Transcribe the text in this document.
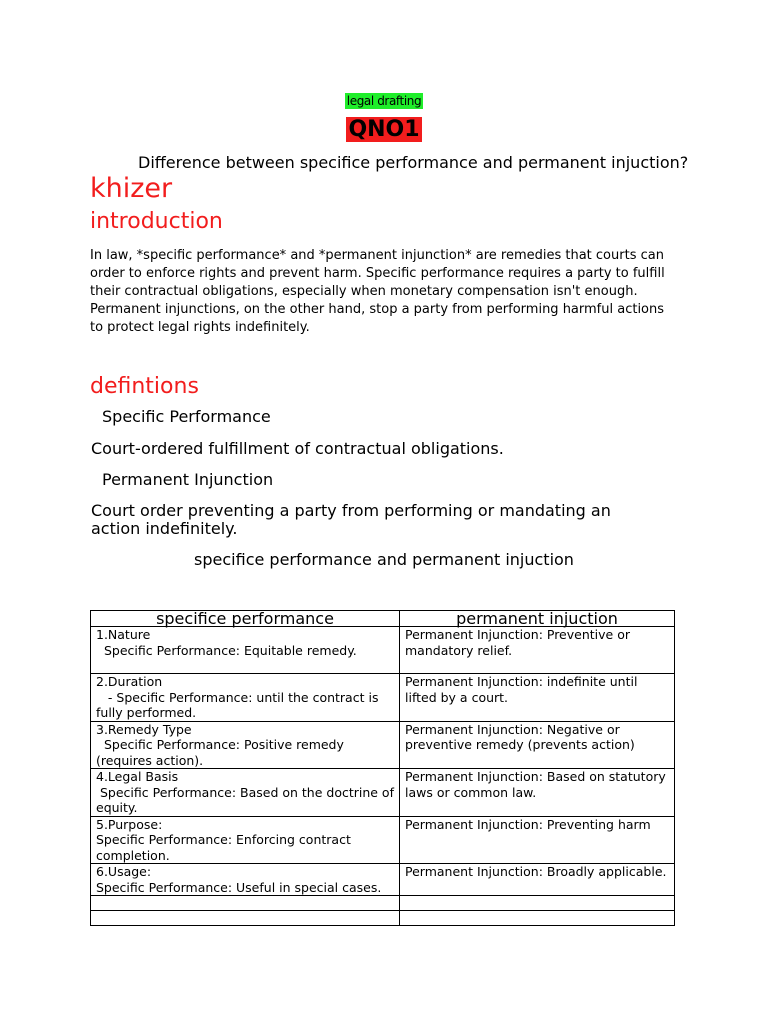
legal drafting
QNO1
Difference between specifice performance and permanent injuction?
khizer
introduction
In law, *specific performance* and *permanent injunction* are remedies that courts can order to enforce rights and prevent harm. Specific performance requires a party to fulfill their contractual obligations, especially when monetary compensation isn't enough. Permanent injunctions, on the other hand, stop a party from performing harmful actions to protect legal rights indefinitely.
defintions
Specific Performance
Court-ordered fulfillment of contractual obligations.
Permanent Injunction
Court order preventing a party from performing or mandating an action indefinitely.
specifice performance and permanent injuction
specifice performance	permanent injuction

1.Nature
Specific Performance: Equitable remedy.	Permanent Injunction: Preventive or mandatory relief.

2.Duration
- Specific Performance: until the contract is fully performed.	Permanent Injunction: indefinite until lifted by a court.

3.Remedy Type
Specific Performance: Positive remedy (requires action).	Permanent Injunction: Negative or preventive remedy (prevents action)

4.Legal Basis
Specific Performance: Based on the doctrine of equity.	Permanent Injunction: Based on statutory laws or common law.

5.Purpose:
Specific Performance: Enforcing contract completion.	Permanent Injunction: Preventing harm

6.Usage:
Specific Performance: Useful in special cases.	Permanent Injunction: Broadly applicable.
